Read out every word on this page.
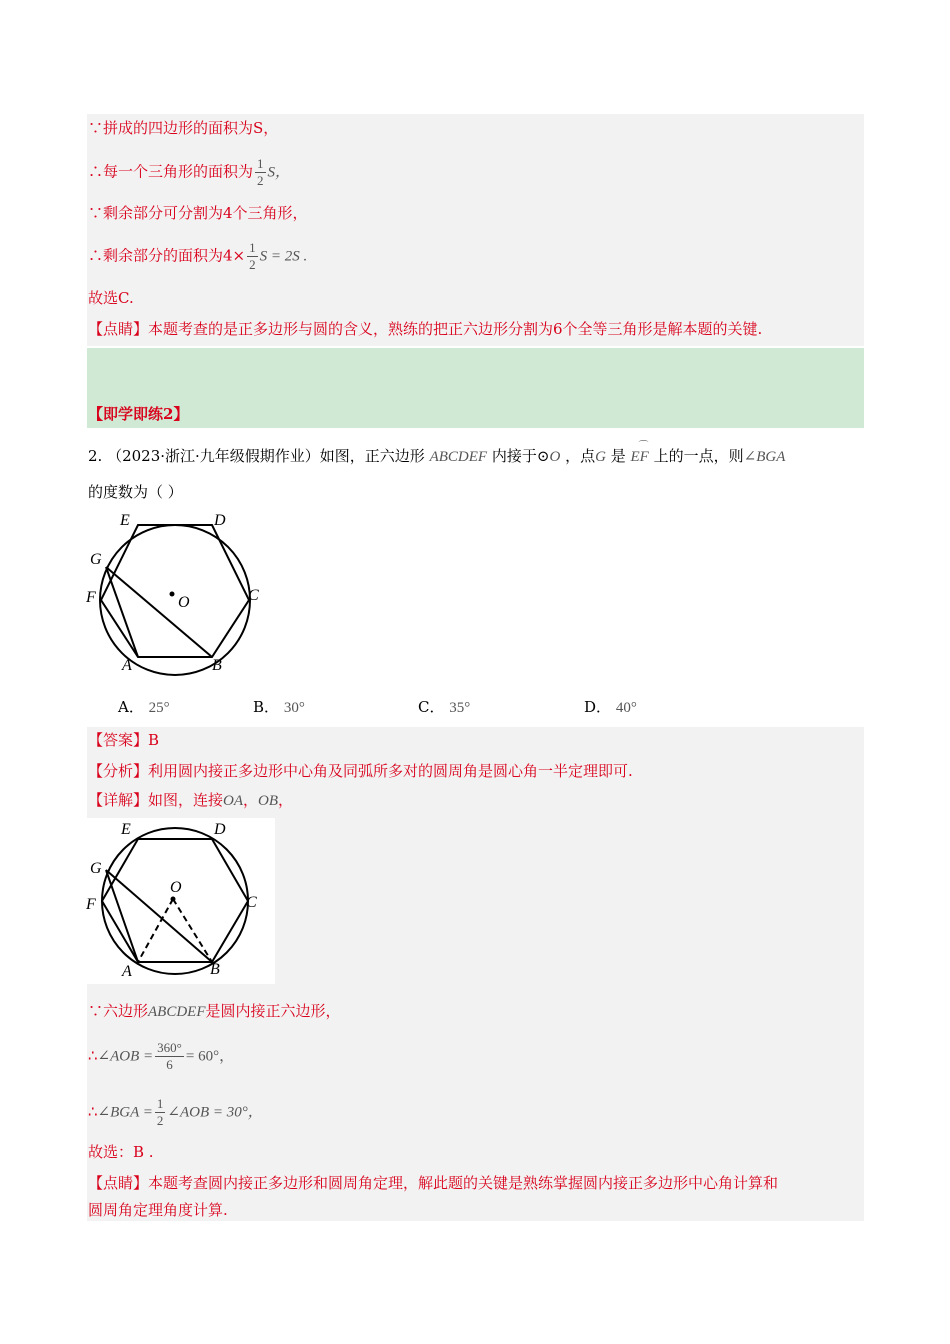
∵拼成的四边形的面积为S，
∴每一个三角形的面积为 $\frac{1}{2}$ S，
∵剩余部分可分割为4个三角形，
∴剩余部分的面积为$4\times \frac{1}{2}$ S = 2S .
故选C.
【点睛】本题考查的是正多边形与圆的含义，熟练的把正六边形分割为6个全等三角形是解本题的关键.
【即学即练2】
2. （2023·浙江·九年级假期作业）如图，正六边形 ABCDEF 内接于⊙O ，点G 是
⌒
EF 上的一点，则∠BGA
的度数为（ ）
E	D
G
F	O	C
A	B
A． 25°	B． 30°	C． 35°	D． 40°
【答案】B
【分析】利用圆内接正多边形中心角及同弧所多对的圆周角是圆心角一半定理即可.
【详解】如图，连接OA，OB，
E	D
G
F
O
C
A	B
∵六边形ABCDEF是圆内接正六边形，
∴∠AOB = $\frac{360^\circ}{6} = 60^\circ$，
∴∠BGA = $\frac{1}{2}$ ∠AOB = 30°，
故选：B .
【点睛】本题考查圆内接正多边形和圆周角定理，解此题的关键是熟练掌握圆内接正多边形中心角计算和
圆周角定理角度计算.
